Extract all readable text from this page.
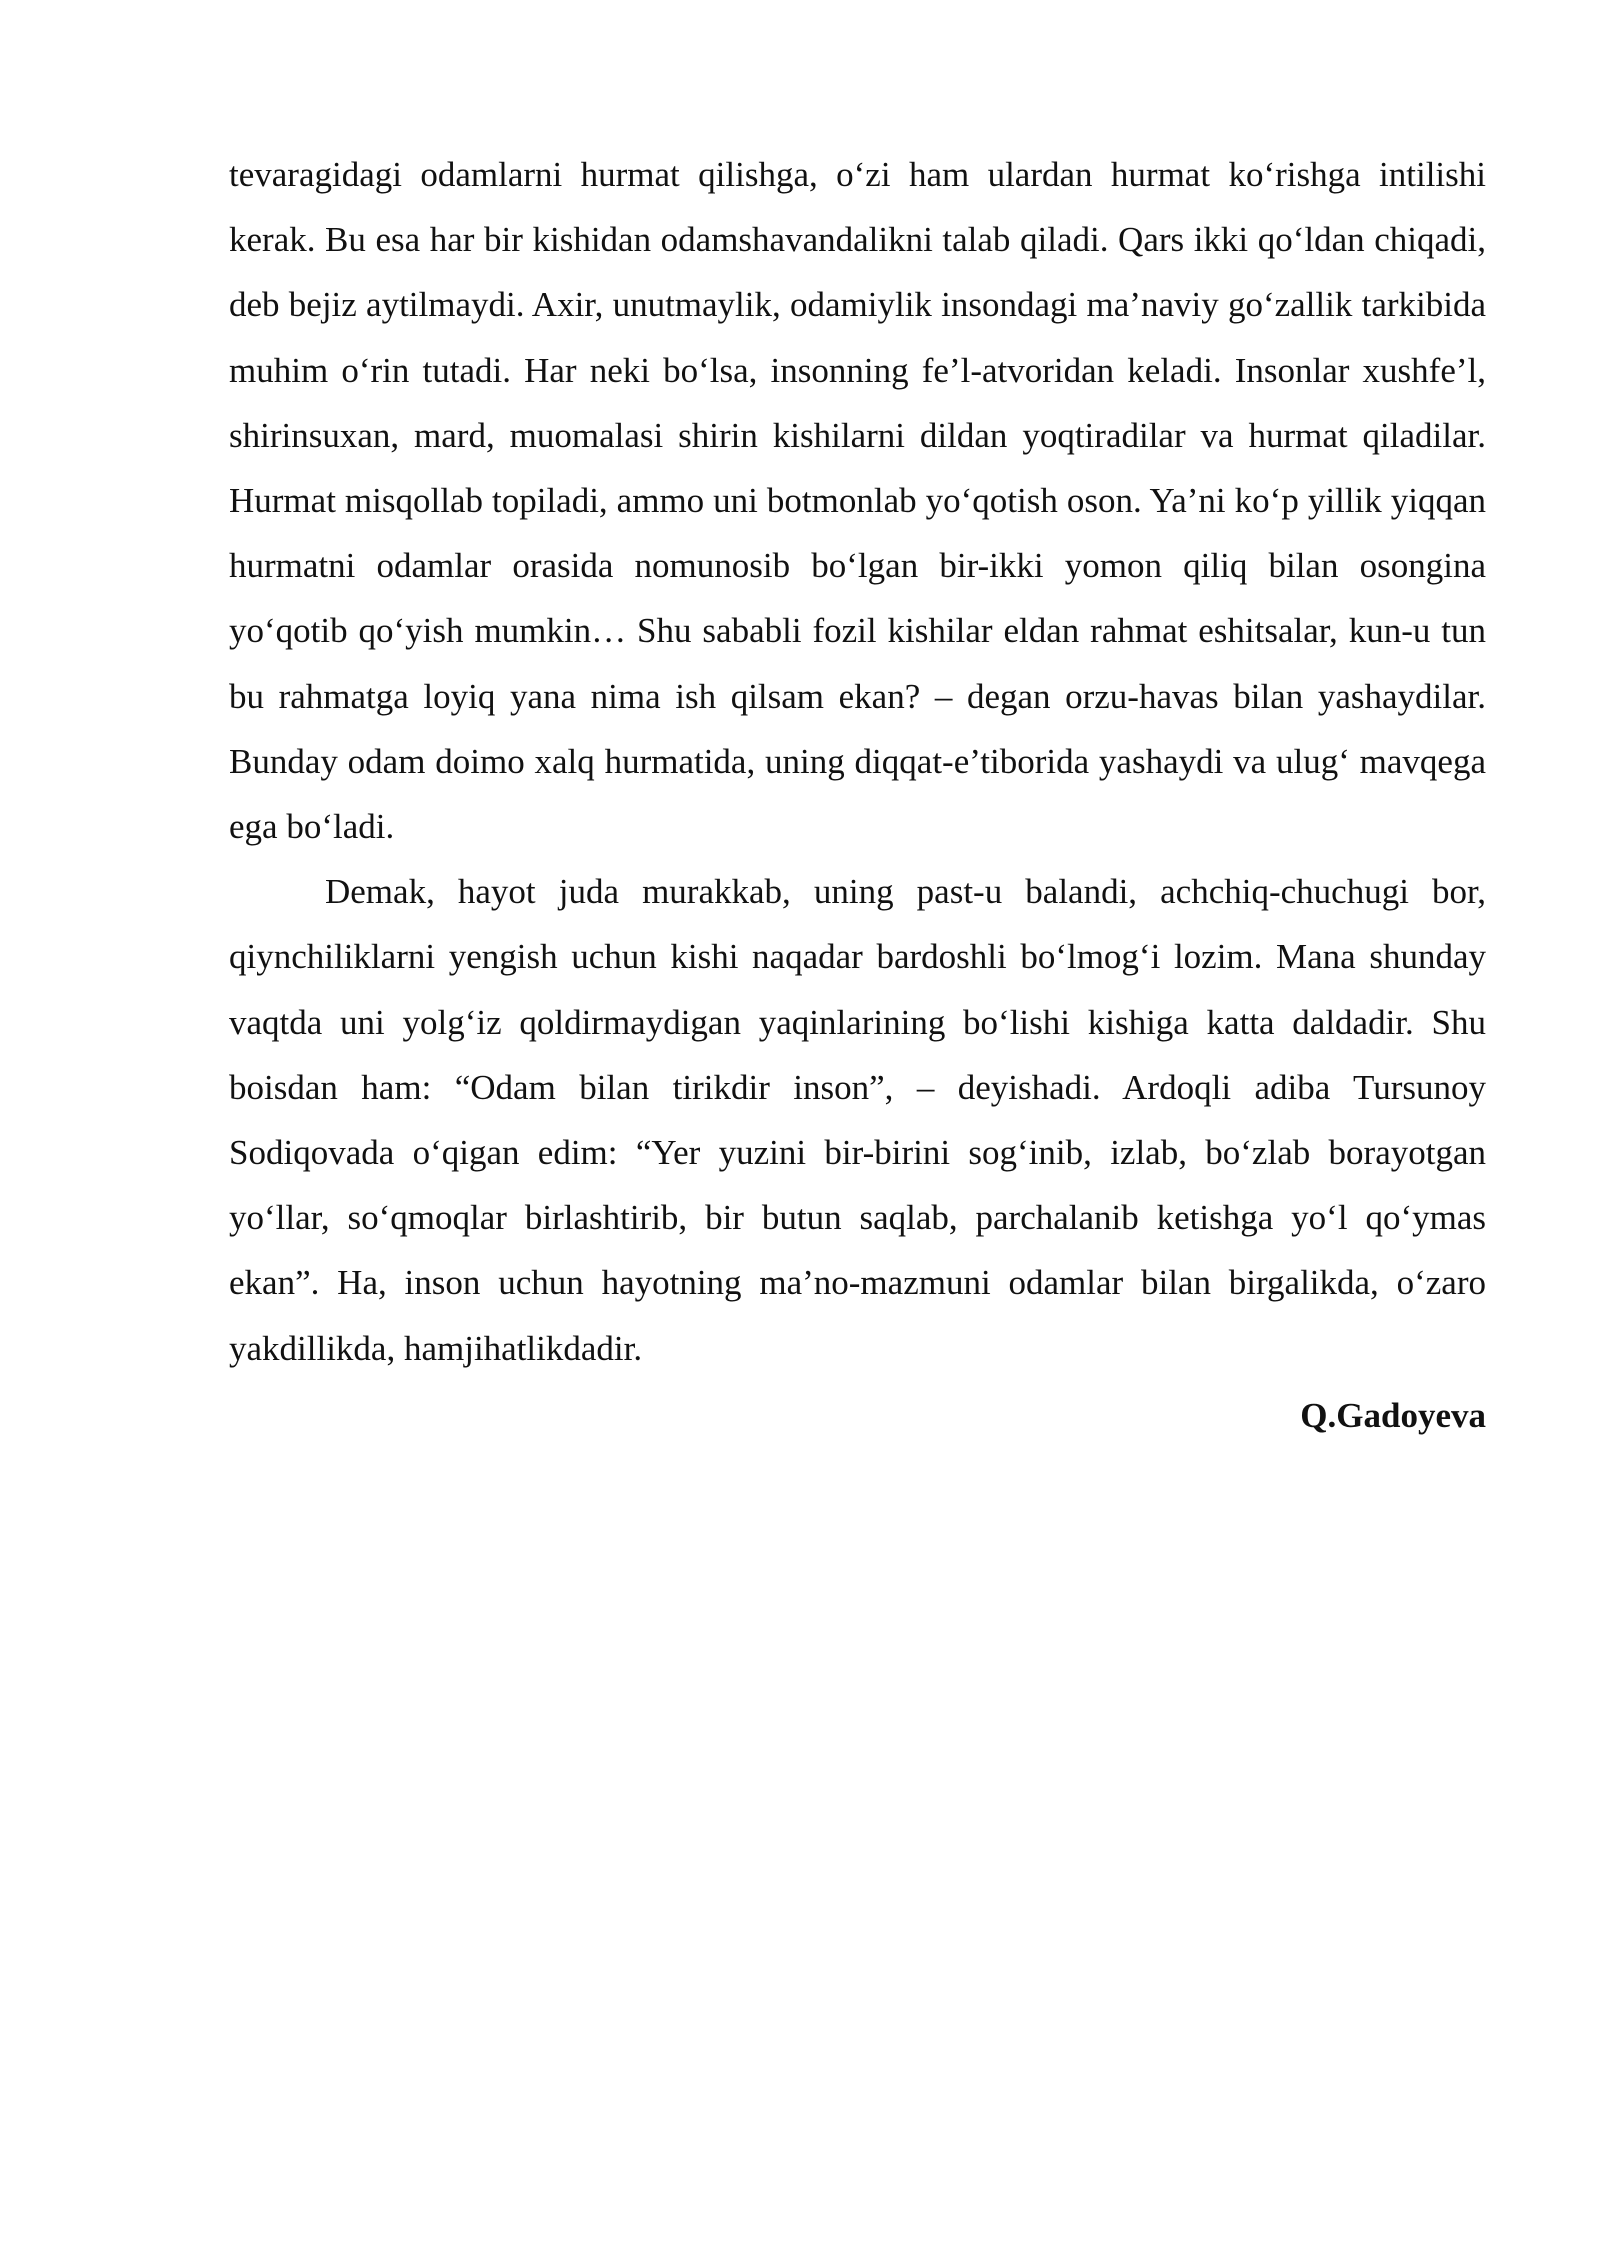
tevaragidagi odamlarni hurmat qilishga, o‘zi ham ulardan hurmat ko‘rishga intilishi kerak. Bu esa har bir kishidan odamshavandalikni talab qiladi. Qars ikki qo‘ldan chiqadi, deb bejiz aytilmaydi. Axir, unutmaylik, odamiylik insondagi ma’naviy go‘zallik tarkibida muhim o‘rin tutadi. Har neki bo‘lsa, insonning fe’l-atvoridan keladi. Insonlar xushfe’l, shirinsuxan, mard, muomalasi shirin kishilarni dildan yoqtiradilar va hurmat qiladilar. Hurmat misqollab topiladi, ammo uni botmonlab yo‘qotish oson. Ya’ni ko‘p yillik yiqqan hurmatni odamlar orasida nomunosib bo‘lgan bir-ikki yomon qiliq bilan osongina yo‘qotib qo‘yish mumkin… Shu sababli fozil kishilar eldan rahmat eshitsalar, kun-u tun bu rahmatga loyiq yana nima ish qilsam ekan? – degan orzu-havas bilan yashaydilar. Bunday odam doimo xalq hurmatida, uning diqqat-e’tiborida yashaydi va ulug‘ mavqega ega bo‘ladi.

Demak, hayot juda murakkab, uning past-u balandi, achchiq-chuchugi bor, qiynchiliklarni yengish uchun kishi naqadar bardoshli bo‘lmog‘i lozim. Mana shunday vaqtda uni yolg‘iz qoldirmaydigan yaqinlarining bo‘lishi kishiga katta daldadir. Shu boisdan ham: “Odam bilan tirikdir inson”, – deyishadi. Ardoqli adiba Tursunoy Sodiqovada o‘qigan edim: “Yer yuzini bir-birini sog‘inib, izlab, bo‘zlab borayotgan yo‘llar, so‘qmoqlar birlashtirib, bir butun saqlab, parchalanib ketishga yo‘l qo‘ymas ekan”. Ha, inson uchun hayotning ma’no-mazmuni odamlar bilan birgalikda, o‘zaro yakdillikda, hamjihatlikdadir.

Q.Gadoyeva
